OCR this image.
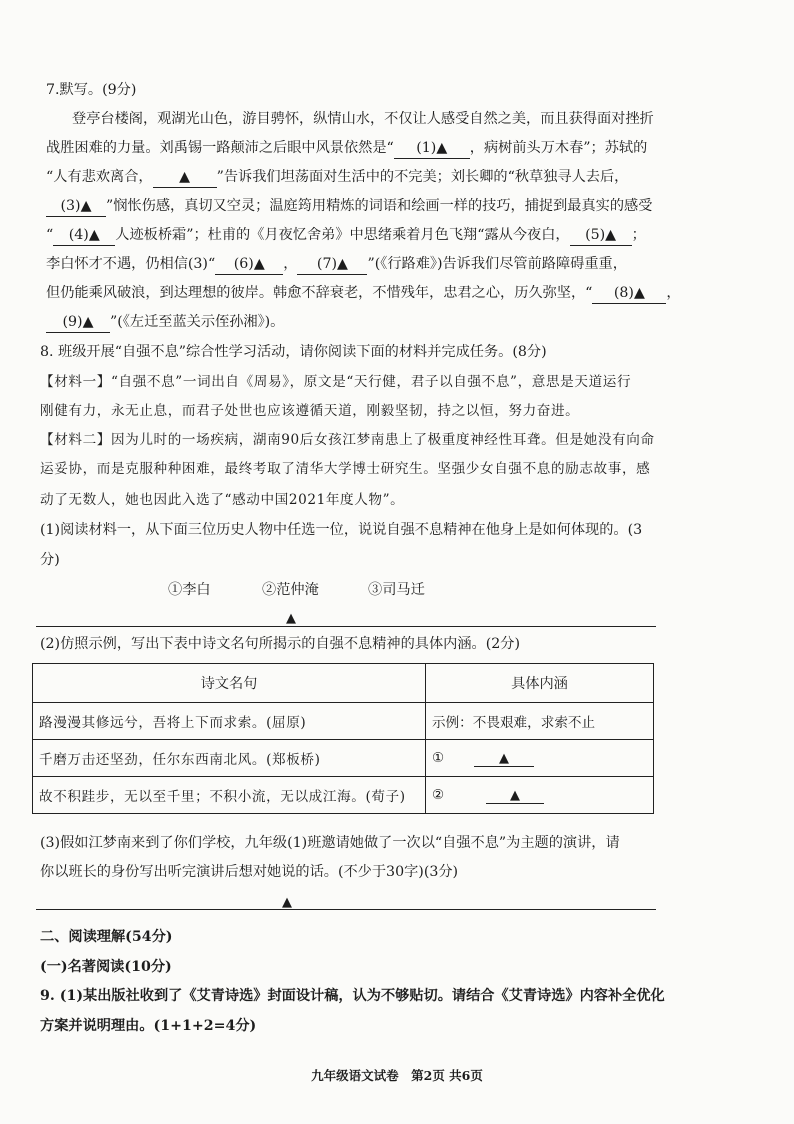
7.默写。(9分)
登亭台楼阁，观湖光山色，游目骋怀，纵情山水，不仅让人感受自然之美，而且获得面对挫折
战胜困难的力量。刘禹锡一路颠沛之后眼中风景依然是“ (1)▲ ，病树前头万木春”；苏轼的
“人有悲欢离合， ▲ ”告诉我们坦荡面对生活中的不完美；刘长卿的“秋草独寻人去后，
(3)▲ ”悯怅伤感，真切又空灵；温庭筠用精炼的词语和绘画一样的技巧，捕捉到最真实的感受
“ (4)▲ 人迹板桥霜”；杜甫的《月夜忆舍弟》中思绪乘着月色飞翔“露从今夜白， (5)▲ ；
李白怀才不遇，仍相信(3)“ (6)▲ ， (7)▲ ”(《行路难》)告诉我们尽管前路障碍重重，
但仍能乘风破浪，到达理想的彼岸。韩愈不辞衰老，不惜残年，忠君之心，历久弥坚，“ (8)▲ ，
(9)▲ ”(《左迁至蓝关示侄孙湘》)。
8. 班级开展“自强不息”综合性学习活动，请你阅读下面的材料并完成任务。(8分)
【材料一】“自强不息”一词出自《周易》，原文是“天行健，君子以自强不息”，意思是天道运行
刚健有力，永无止息，而君子处世也应该遵循天道，刚毅坚韧，持之以恒，努力奋进。
【材料二】因为儿时的一场疾病，湖南90后女孩江梦南患上了极重度神经性耳聋。但是她没有向命
运妥协，而是克服种种困难，最终考取了清华大学博士研究生。坚强少女自强不息的励志故事，感
动了无数人，她也因此入选了“感动中国2021年度人物”。
(1)阅读材料一，从下面三位历史人物中任选一位，说说自强不息精神在他身上是如何体现的。(3
分)
①李白	②范仲淹	③司马迁
▲
(2)仿照示例，写出下表中诗文名句所揭示的自强不息精神的具体内涵。(2分)
诗文名句	具体内涵
路漫漫其修远兮，吾将上下而求索。(屈原)	示例：不畏艰难，求索不止
千磨万击还坚劲，任尔东西南北风。(郑板桥)	① ▲
故不积跬步，无以至千里；不积小流，无以成江海。(荀子)	② ▲
(3)假如江梦南来到了你们学校，九年级(1)班邀请她做了一次以“自强不息”为主题的演讲，请
你以班长的身份写出听完演讲后想对她说的话。(不少于30字)(3分)
▲
二、阅读理解(54分)
(一)名著阅读(10分)
9. (1)某出版社收到了《艾青诗选》封面设计稿，认为不够贴切。请结合《艾青诗选》内容补全优化
方案并说明理由。(1+1+2=4分)
九年级语文试卷　第2页 共6页
